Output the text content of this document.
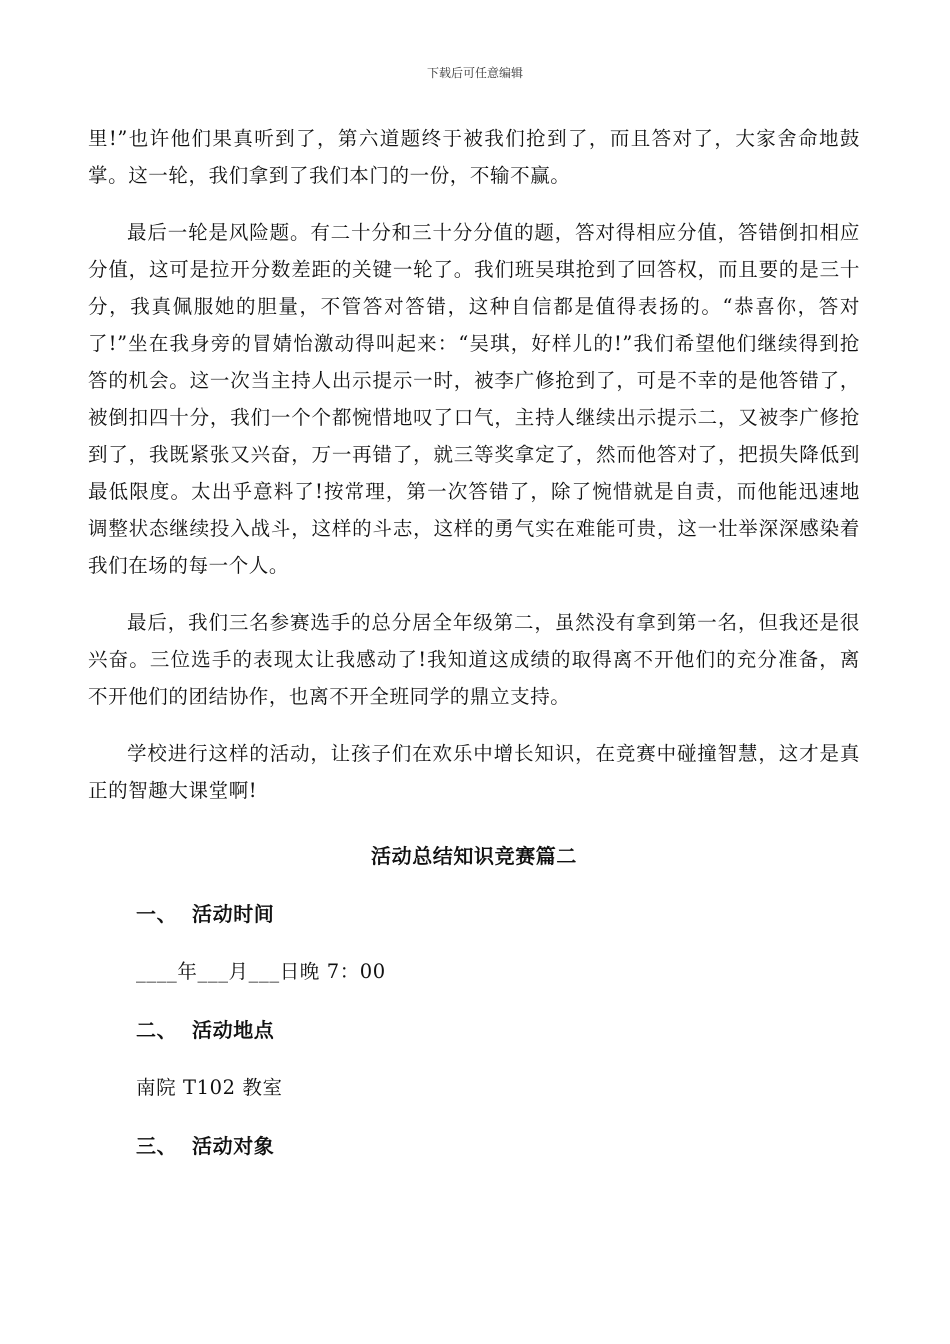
下载后可任意编辑

里!”也许他们果真听到了，第六道题终于被我们抢到了，而且答对了，大家舍命地鼓掌。这一轮，我们拿到了我们本门的一份，不输不赢。

最后一轮是风险题。有二十分和三十分分值的题，答对得相应分值，答错倒扣相应分值，这可是拉开分数差距的关键一轮了。我们班吴琪抢到了回答权，而且要的是三十分，我真佩服她的胆量，不管答对答错，这种自信都是值得表扬的。“恭喜你，答对了!”坐在我身旁的冒婧怡激动得叫起来：“吴琪，好样儿的!”我们希望他们继续得到抢答的机会。这一次当主持人出示提示一时，被李广修抢到了，可是不幸的是他答错了，被倒扣四十分，我们一个个都惋惜地叹了口气，主持人继续出示提示二，又被李广修抢到了，我既紧张又兴奋，万一再错了，就三等奖拿定了，然而他答对了，把损失降低到最低限度。太出乎意料了!按常理，第一次答错了，除了惋惜就是自责，而他能迅速地调整状态继续投入战斗，这样的斗志，这样的勇气实在难能可贵，这一壮举深深感染着我们在场的每一个人。

最后，我们三名参赛选手的总分居全年级第二，虽然没有拿到第一名，但我还是很兴奋。三位选手的表现太让我感动了!我知道这成绩的取得离不开他们的充分准备，离不开他们的团结协作，也离不开全班同学的鼎立支持。

学校进行这样的活动，让孩子们在欢乐中增长知识，在竞赛中碰撞智慧，这才是真正的智趣大课堂啊!

活动总结知识竞赛篇二

一、 活动时间

____年___月___日晚 7：00

二、 活动地点

南院 T102 教室

三、 活动对象
